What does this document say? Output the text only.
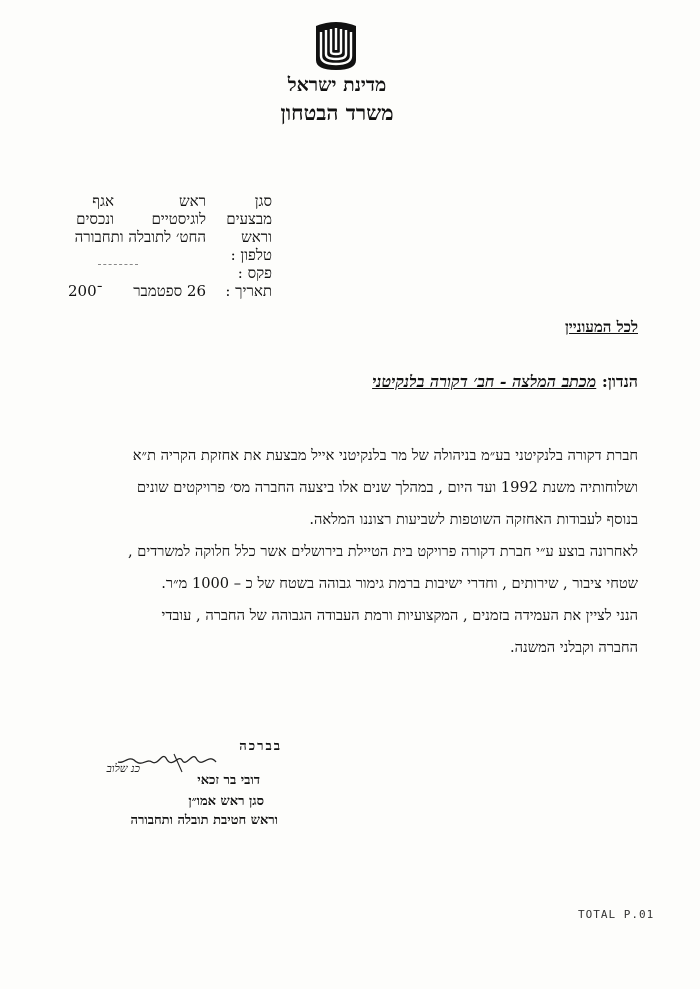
מדינת ישראל
משרד הבטחון
סגן
ראש
אגף
מבצעים
לוגיסטיים
ונכסים
וראש
החט׳ לתובלה ותחבורה
טלפון :
פקס :
תאריך :
26 ספטמבר
200־
לכל המעוניין
הנדון: מכתב המלצה - חב׳ דקורה בלנקיטני
חברת דקורה בלנקיטני בע״מ בניהולה של מר בלנקיטני אייל מבצעת את אחזקת הקריה ת״א
ושלוחותיה משנת 1992 ועד היום , במהלך שנים אלו ביצעה החברה מס׳ פרויקטים שונים
בנוסף לעבודות האחזקה השוטפות לשביעות רצוננו המלאה.
לאחרונה בוצע ע״י חברת דקורה פרויקט בית הטיילת בירושלים אשר כלל חלוקה למשרדים ,
שטחי ציבור , שירותים , וחדרי ישיבות ברמת גימור גבוהה בשטח של כ – 1000 מ״ר.
הנני לציין את העמידה בזמנים , המקצועיות ורמת העבודה הגבוהה של החברה , עובדי
החברה וקבלני המשנה.
בברכה
כנ שלוב
דובי בר זכאי
סגן ראש אמו״ן
וראש חטיבת תובלה ותחבורה
TOTAL P.01
